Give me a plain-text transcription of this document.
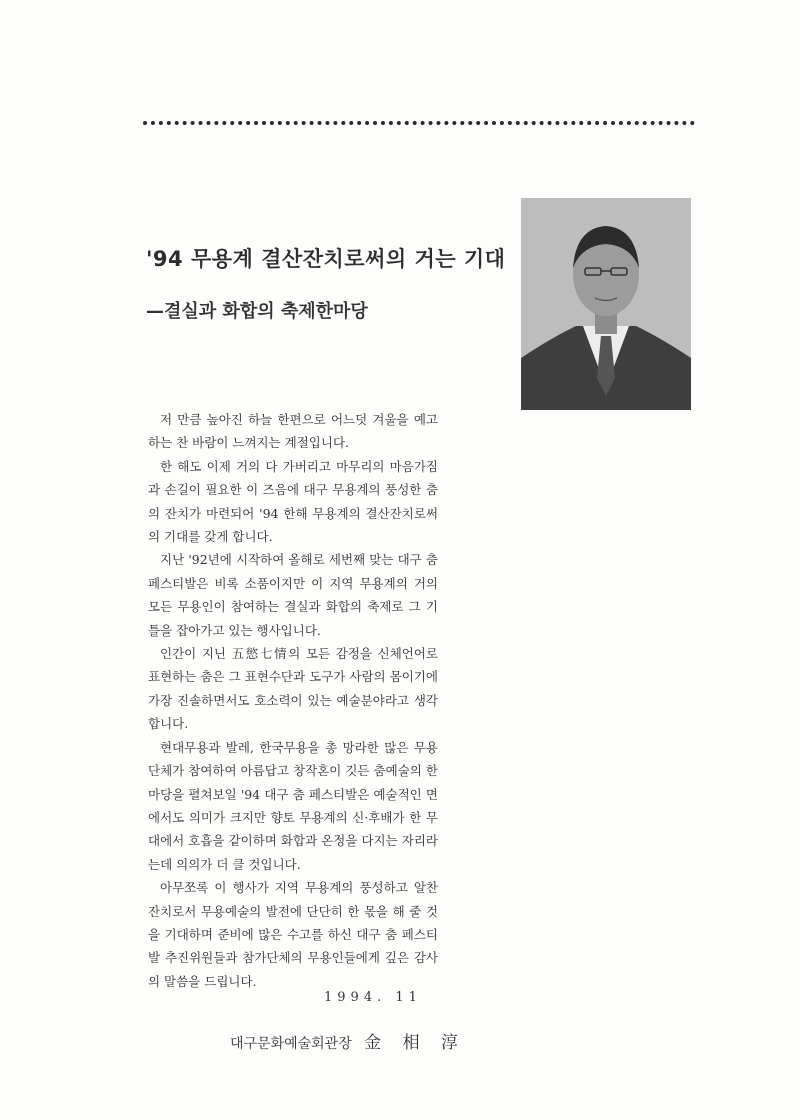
'94 무용계 결산잔치로써의 거는 기대
—결실과 화합의 축제한마당

저 만큼 높아진 하늘 한편으로 어느덧 겨울을 예고하는 찬 바람이 느껴지는 계절입니다.

한 해도 이제 거의 다 가버리고 마무리의 마음가짐과 손길이 필요한 이 즈음에 대구 무용계의 풍성한 춤의 잔치가 마련되어 '94 한해 무용계의 결산잔치로써의 기대를 갖게 합니다.

지난 '92년에 시작하여 올해로 세번째 맞는 대구 춤 페스티발은 비록 소품이지만 이 지역 무용계의 거의 모든 무용인이 참여하는 결실과 화합의 축제로 그 기틀을 잡아가고 있는 행사입니다.

인간이 지닌 五慾七情의 모든 감정을 신체언어로 표현하는 춤은 그 표현수단과 도구가 사람의 몸이기에 가장 진솔하면서도 호소력이 있는 예술분야라고 생각합니다.

현대무용과 발레, 한국무용을 총 망라한 많은 무용단체가 참여하여 아름답고 창작혼이 깃든 춤예술의 한마당을 펼쳐보일 '94 대구 춤 페스티발은 예술적인 면에서도 의미가 크지만 향토 무용계의 신·후배가 한 무대에서 호흡을 같이하며 화합과 온정을 다지는 자리라는데 의의가 더 클 것입니다.

아무쪼록 이 행사가 지역 무용계의 풍성하고 알찬 잔치로서 무용예술의 발전에 단단히 한 몫을 해 줄 것을 기대하며 준비에 많은 수고를 하신 대구 춤 페스티발 추진위원들과 참가단체의 무용인들에게 깊은 감사의 말씀을 드립니다.

1994. 11
대구문화예술회관장 金 相 淳
